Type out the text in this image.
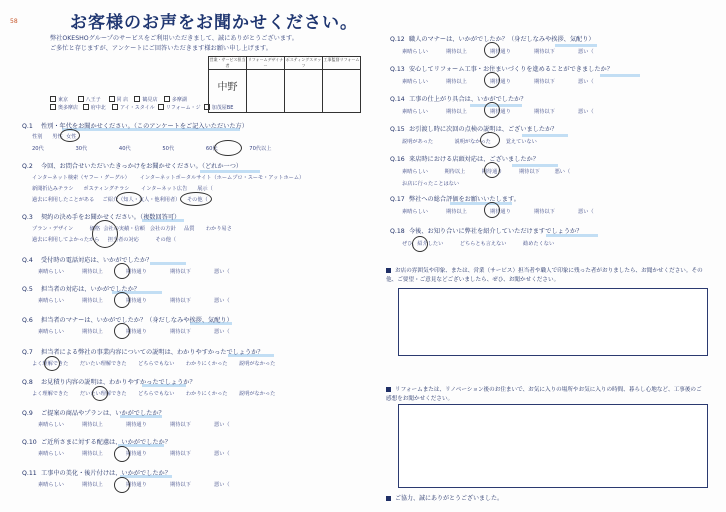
58	お客様のお声をお聞かせください。
弊社OKESHOグループのサービスをご利用いただきまして、誠にありがとうございます。
ご多忙と存じますが、アンケートにご回答いただきます様お願い申し上げます。
営業・サービス担当者	リフォームデザイナー	ポスティングスタッフ	工事監督リフォーム
中野			
東京	八王子	同 店	鶴見店	多摩湖
奥多摩店	府中北	アイ・スタイル リフォーム・ジ 加茂屋BE
Q.1 性別・年代をお聞かせください。（このアンケートをご記入いただいた方）
性別 男性 女性
20代	30代	40代	50代	60代	70代以上
Q.2 今回、お問合せいただいたきっかけをお聞かせください。（どれか一つ）
インターネット検索（ヤフー・グーグル） インターネットポータルサイト（ホームプロ・スーモ・アットホーム）
新聞折込みチラシ ポスティングチラシ インターネット広告 展示（
過去に利用したことがある ご紹介（知人・友人・他利用者） その他（
Q.3 契約の決め手をお聞かせください。（複数回答可）
プラン・デザイン	価格 会社の実績・信頼 会社の方針 品質 わかり易さ
過去に利用してよかったから 担当者の対応	その他（
Q.4 受付時の電話対応は、いかがでしたか？
素晴らしい	期待以上	期待通り	期待以下	悪い（
Q.5 担当者の対応は、いかがでしたか？
素晴らしい	期待以上	期待通り	期待以下	悪い（
Q.6 担当者のマナーは、いかがでしたか？（身だしなみや挨拶、気配り）
素晴らしい	期待以上	期待通り	期待以下	悪い（
Q.7 担当者による弊社の事業内容についての説明は、わかりやすかったでしょうか？
よく理解できた だいたい理解できた どちらでもない わかりにくかった 説明がなかった
Q.8 お見積り内容の説明は、わかりやすかったでしょうか？
よく理解できた だいたい理解できた どちらでもない わかりにくかった 説明がなかった
Q.9 ご提案の商品やプランは、いかがでしたか？
素晴らしい	期待以上	期待通り	期待以下	悪い（
Q.10 ご近所さまに対する配慮は、いかがでしたか？
素晴らしい	期待以上	期待通り	期待以下	悪い（
Q.11 工事中の美化・後片付けは、いかがでしたか？
素晴らしい	期待以上	期待通り	期待以下	悪い（
Q.12 職人のマナーは、いかがでしたか？（身だしなみや挨拶、気配り）
素晴らしい	期待以上	期待通り	期待以下	悪い（
Q.13 安心してリフォーム工事・お住まいづくりを進めることができましたか？
素晴らしい	期待以上	期待通り	期待以下	悪い（
Q.14 工事の仕上がり具合は、いかがでしたか？
素晴らしい	期待以上	期待通り	期待以下	悪い（
Q.15 お引渡し時に次回の点検の説明は、ございましたか？
説明があった	説明がなかった	覚えていない
Q.16 来店時における店頭対応は、ございましたか？
素晴らしい	期待以上	期待通り	期待以下	悪い（
お店に行ったことはない
Q.17 弊社への総合評価をお願いいたします。
素晴らしい	期待以上	期待通り	期待以下	悪い（
Q.18 今後、お知り合いに弊社を紹介していただけますでしょうか？
ぜひ、紹介したい	どちらとも言えない	勧めたくない
お店の雰囲気や印象、または、営業（サービス）担当者や職人で印象に残った者がおりましたら、お聞かせください。その他、ご要望・ご意見などございましたら、ぜひ、お聞かせください。
リフォームまたは、リノベーション後のお住まいで、お気に入りの場所やお気に入りの時間、暮らし心地など、工事後のご感想をお聞かせください。
ご協力、誠にありがとうございました。
